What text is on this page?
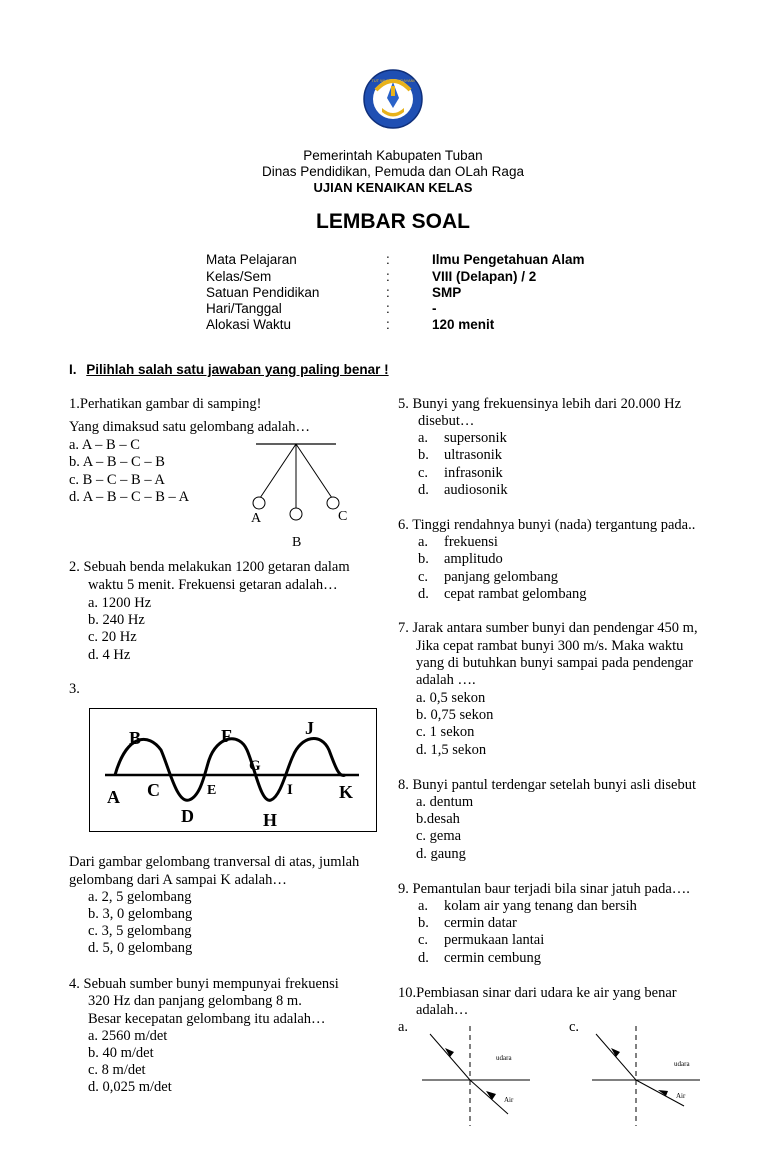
Pemerintah Kabupaten Tuban
Dinas Pendidikan, Pemuda dan OLah Raga
UJIAN KENAIKAN KELAS
LEMBAR SOAL
Mata Pelajaran	:	Ilmu Pengetahuan Alam
Kelas/Sem	:	VIII (Delapan) / 2
Satuan Pendidikan	:	SMP
Hari/Tanggal	:	-
Alokasi Waktu	:	120 menit
I. Pilihlah salah satu jawaban yang paling benar !
1.Perhatikan gambar di samping!
Yang dimaksud satu gelombang adalah…
a. A – B – C
b. A – B – C – B
c. B – C – B – A
d. A – B – C – B – A
A
B
C
2. Sebuah benda melakukan 1200 getaran dalam
waktu 5 menit. Frekuensi getaran adalah…
a. 1200 Hz
b. 240 Hz
c. 20 Hz
d. 4 Hz
3.
A
B
C
D
E
F
G
H
I
J
K
Dari gambar gelombang tranversal di atas, jumlah
gelombang dari A sampai K adalah…
a. 2, 5 gelombang
b. 3, 0 gelombang
c. 3, 5 gelombang
d. 5, 0 gelombang
4. Sebuah sumber bunyi mempunyai frekuensi
320 Hz dan panjang gelombang 8 m.
Besar kecepatan gelombang itu adalah…
a. 2560 m/det
b. 40 m/det
c. 8 m/det
d. 0,025 m/det
5. Bunyi yang frekuensinya lebih dari 20.000 Hz
disebut…
a. supersonik
b. ultrasonik
c. infrasonik
d. audiosonik
6. Tinggi rendahnya bunyi (nada) tergantung pada..
a. frekuensi
b. amplitudo
c. panjang gelombang
d. cepat rambat gelombang
7. Jarak antara sumber bunyi dan pendengar 450 m,
Jika cepat rambat bunyi 300 m/s. Maka waktu
yang di butuhkan bunyi sampai pada pendengar
adalah ….
a. 0,5 sekon
b. 0,75 sekon
c. 1 sekon
d. 1,5 sekon
8. Bunyi pantul terdengar setelah bunyi asli disebut
a. dentum
b.desah
c. gema
d. gaung
9. Pemantulan baur terjadi bila sinar jatuh pada….
a. kolam air yang tenang dan bersih
b. cermin datar
c. permukaan lantai
d. cermin cembung
10.Pembiasan sinar dari udara ke air yang benar
adalah…
a.	c.
udara
Air
udara
Air
TUT WURI HANDAYANI
